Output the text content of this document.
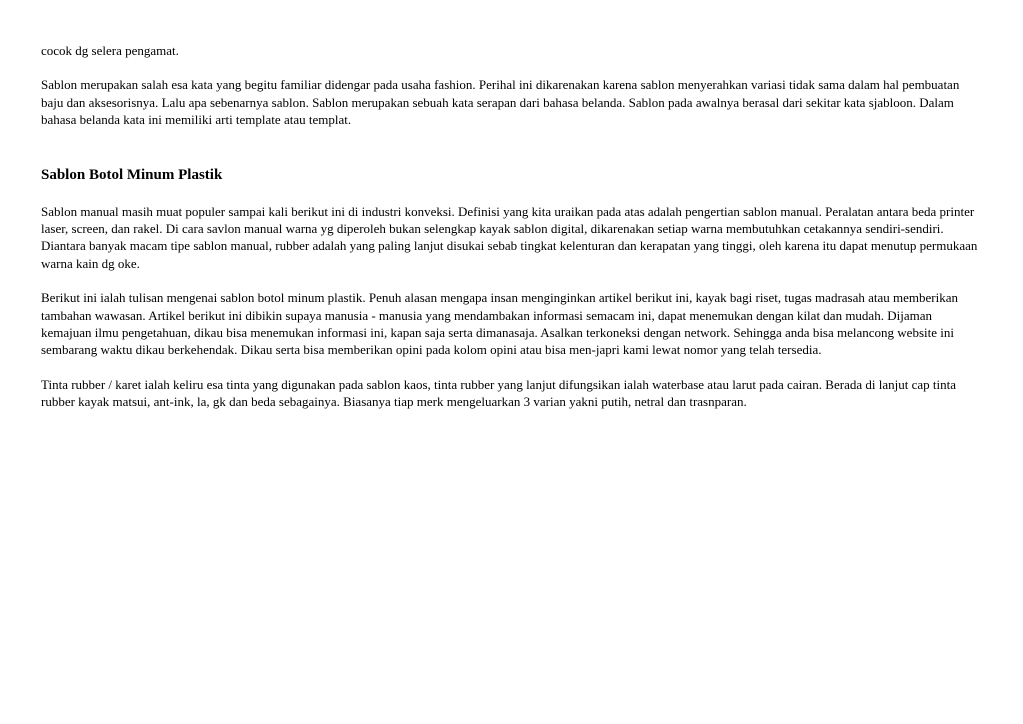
cocok dg selera pengamat.

Sablon merupakan salah esa kata yang begitu familiar didengar pada usaha fashion. Perihal ini dikarenakan karena sablon menyerahkan variasi tidak sama dalam hal pembuatan baju dan aksesorisnya. Lalu apa sebenarnya sablon. Sablon merupakan sebuah kata serapan dari bahasa belanda. Sablon pada awalnya berasal dari sekitar kata sjabloon. Dalam bahasa belanda kata ini memiliki arti template atau templat.

Sablon Botol Minum Plastik

Sablon manual masih muat populer sampai kali berikut ini di industri konveksi. Definisi yang kita uraikan pada atas adalah pengertian sablon manual. Peralatan antara beda printer laser, screen, dan rakel. Di cara savlon manual warna yg diperoleh bukan selengkap kayak sablon digital, dikarenakan setiap warna membutuhkan cetakannya sendiri-sendiri. Diantara banyak macam tipe sablon manual, rubber adalah yang paling lanjut disukai sebab tingkat kelenturan dan kerapatan yang tinggi, oleh karena itu dapat menutup permukaan warna kain dg oke.

Berikut ini ialah tulisan mengenai sablon botol minum plastik. Penuh alasan mengapa insan menginginkan artikel berikut ini, kayak bagi riset, tugas madrasah atau memberikan tambahan wawasan. Artikel berikut ini dibikin supaya manusia - manusia yang mendambakan informasi semacam ini, dapat menemukan dengan kilat dan mudah. Dijaman kemajuan ilmu pengetahuan, dikau bisa menemukan informasi ini, kapan saja serta dimanasaja. Asalkan terkoneksi dengan network. Sehingga anda bisa melancong website ini sembarang waktu dikau berkehendak. Dikau serta bisa memberikan opini pada kolom opini atau bisa men-japri kami lewat nomor yang telah tersedia.

Tinta rubber / karet ialah keliru esa tinta yang digunakan pada sablon kaos, tinta rubber yang lanjut difungsikan ialah waterbase atau larut pada cairan. Berada di lanjut cap tinta rubber kayak matsui, ant-ink, la, gk dan beda sebagainya. Biasanya tiap merk mengeluarkan 3 varian yakni putih, netral dan trasnparan.
